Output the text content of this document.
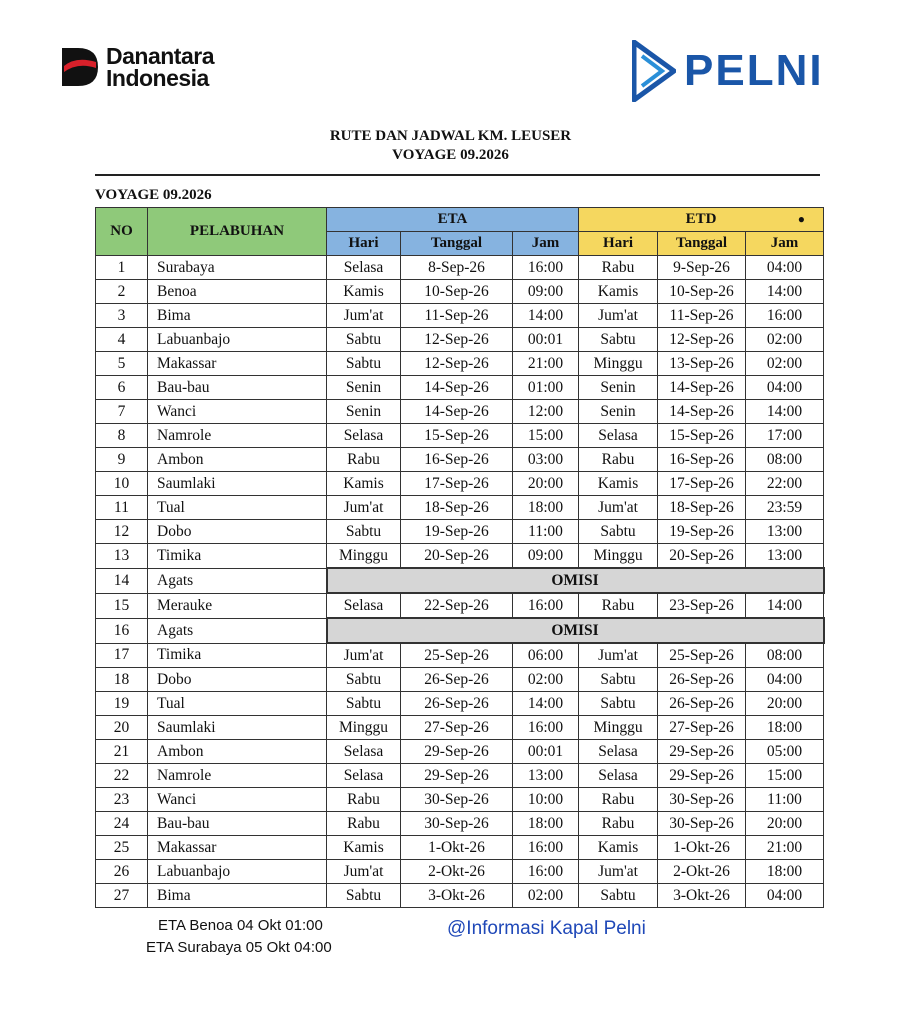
Danantara
Indonesia	PELNI
RUTE DAN JADWAL KM. LEUSER
VOYAGE 09.2026
VOYAGE 09.2026
NO	PELABUHAN	ETA			ETD ●		

		Hari	Tanggal	Jam	Hari	Tanggal	Jam
1	Surabaya	Selasa	8-Sep-26	16:00	Rabu	9-Sep-26	04:00
2	Benoa	Kamis	10-Sep-26	09:00	Kamis	10-Sep-26	14:00
3	Bima	Jum'at	11-Sep-26	14:00	Jum'at	11-Sep-26	16:00
4	Labuanbajo	Sabtu	12-Sep-26	00:01	Sabtu	12-Sep-26	02:00
5	Makassar	Sabtu	12-Sep-26	21:00	Minggu	13-Sep-26	02:00
6	Bau-bau	Senin	14-Sep-26	01:00	Senin	14-Sep-26	04:00
7	Wanci	Senin	14-Sep-26	12:00	Senin	14-Sep-26	14:00
8	Namrole	Selasa	15-Sep-26	15:00	Selasa	15-Sep-26	17:00
9	Ambon	Rabu	16-Sep-26	03:00	Rabu	16-Sep-26	08:00
10	Saumlaki	Kamis	17-Sep-26	20:00	Kamis	17-Sep-26	22:00
11	Tual	Jum'at	18-Sep-26	18:00	Jum'at	18-Sep-26	23:59
12	Dobo	Sabtu	19-Sep-26	11:00	Sabtu	19-Sep-26	13:00
13	Timika	Minggu	20-Sep-26	09:00	Minggu	20-Sep-26	13:00
14	Agats	OMISI					
15	Merauke	Selasa	22-Sep-26	16:00	Rabu	23-Sep-26	14:00
16	Agats	OMISI					
17	Timika	Jum'at	25-Sep-26	06:00	Jum'at	25-Sep-26	08:00
18	Dobo	Sabtu	26-Sep-26	02:00	Sabtu	26-Sep-26	04:00
19	Tual	Sabtu	26-Sep-26	14:00	Sabtu	26-Sep-26	20:00
20	Saumlaki	Minggu	27-Sep-26	16:00	Minggu	27-Sep-26	18:00
21	Ambon	Selasa	29-Sep-26	00:01	Selasa	29-Sep-26	05:00
22	Namrole	Selasa	29-Sep-26	13:00	Selasa	29-Sep-26	15:00
23	Wanci	Rabu	30-Sep-26	10:00	Rabu	30-Sep-26	11:00
24	Bau-bau	Rabu	30-Sep-26	18:00	Rabu	30-Sep-26	20:00
25	Makassar	Kamis	1-Okt-26	16:00	Kamis	1-Okt-26	21:00
26	Labuanbajo	Jum'at	2-Okt-26	16:00	Jum'at	2-Okt-26	18:00
27	Bima	Sabtu	3-Okt-26	02:00	Sabtu	3-Okt-26	04:00
ETA Benoa 04 Okt 01:00
ETA Surabaya 05 Okt 04:00
@Informasi Kapal Pelni
